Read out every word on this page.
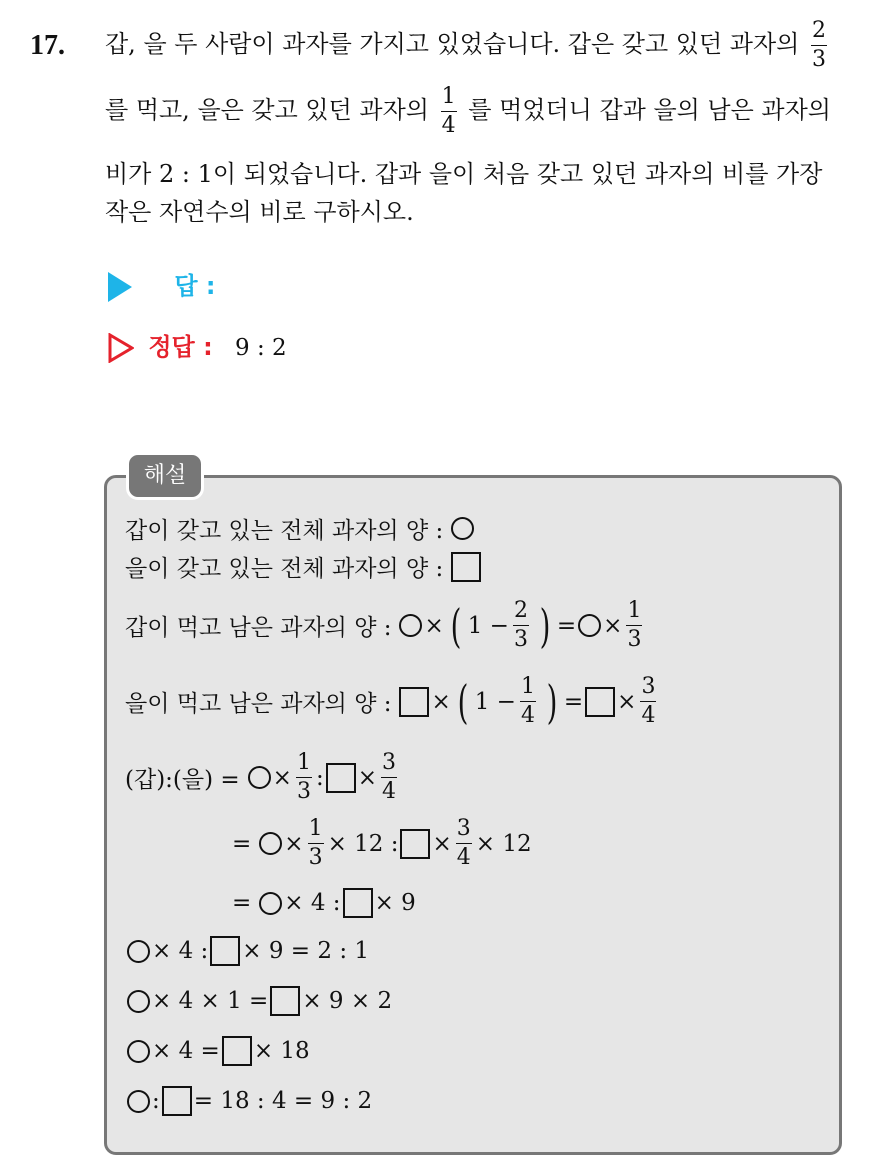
17. 갑, 을 두 사람이 과자를 가지고 있었습니다. 갑은 갖고 있던 과자의 $\frac{2}{3}$
를 먹고, 을은 갖고 있던 과자의 $\frac{1}{4}$ 를 먹었더니 갑과 을의 남은 과자의
비가 2 : 1이 되었습니다. 갑과 을이 처음 갖고 있던 과자의 비를 가장
작은 자연수의 비로 구하시오.
답 :
정답 : 9 : 2
해설
갑이 갖고 있는 전체 과자의 양 :
을이 갖고 있는 전체 과자의 양 :
갑이 먹고 남은 과자의 양 : × ( $1 - \frac{2}{3}$ ) =
× $\frac{1}{3}$
을이 먹고 남은 과자의 양 : × ( $1 - \frac{1}{4}$ ) = × $\frac{3}{4}$
(갑):(을) = × $\frac{1}{3}$ : × $\frac{3}{4}$
= × $\frac{1}{3} \times 12$ : × $\frac{3}{4} \times 12$
= × 4 : × 9
× 4 : × 9 = 2 : 1
× 4 × 1 = × 9 × 2
× 4 = × 18
: = 18 : 4 = 9 : 2
